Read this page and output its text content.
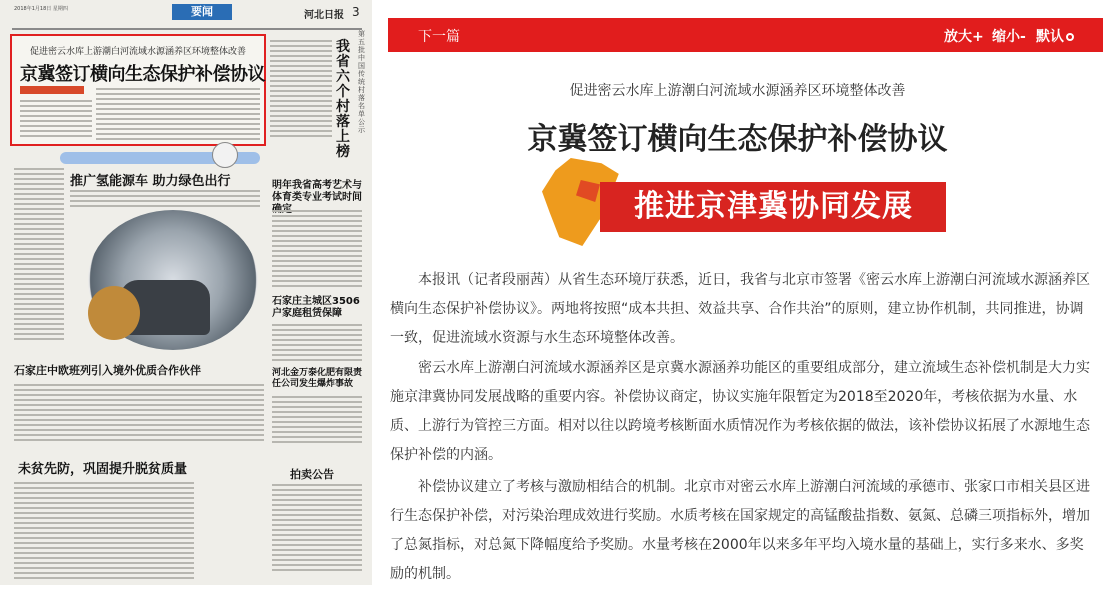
2018年1月18日 星期四	要闻	河北日报 3
促进密云水库上游潮白河流域水源涵养区环境整体改善
京冀签订横向生态保护补偿协议
我省六个村落上榜
第五批中国传统村落名单公示
推广氢能源车 助力绿色出行	明年我省高考艺术与体育类专业考试时间
石家庄主城区3506户家庭租赁保障
河北金万泰化肥有限责任公司发生爆炸事故
石家庄中欧班列引入境外优质合作伙伴
未贫先防，巩固提升脱贫质量	拍卖公告
下一篇	放大+ 缩小- 默认
促进密云水库上游潮白河流域水源涵养区环境整体改善
京冀签订横向生态保护补偿协议
推进京津冀协同发展

本报讯（记者段丽茜）从省生态环境厅获悉，近日，我省与北京市签署《密云水库上游潮白河流域水源涵养区横向生态保护补偿协议》。两地将按照“成本共担、效益共享、合作共治”的原则，建立协作机制，共同推进，协调一致，促进流域水资源与水生态环境整体改善。

密云水库上游潮白河流域水源涵养区是京冀水源涵养功能区的重要组成部分，建立流域生态补偿机制是大力实施京津冀协同发展战略的重要内容。补偿协议商定，协议实施年限暂定为2018至2020年，考核依据为水量、水质、上游行为管控三方面。相对以往以跨境考核断面水质情况作为考核依据的做法，该补偿协议拓展了水源地生态保护补偿的内涵。

补偿协议建立了考核与激励相结合的机制。北京市对密云水库上游潮白河流域的承德市、张家口市相关县区进行生态保护补偿，对污染治理成效进行奖励。水质考核在国家规定的高锰酸盐指数、氨氮、总磷三项指标外，增加了总氮指标，对总氮下降幅度给予奖励。水量考核在2000年以来多年平均入境水量的基础上，实行多来水、多奖励的机制。
